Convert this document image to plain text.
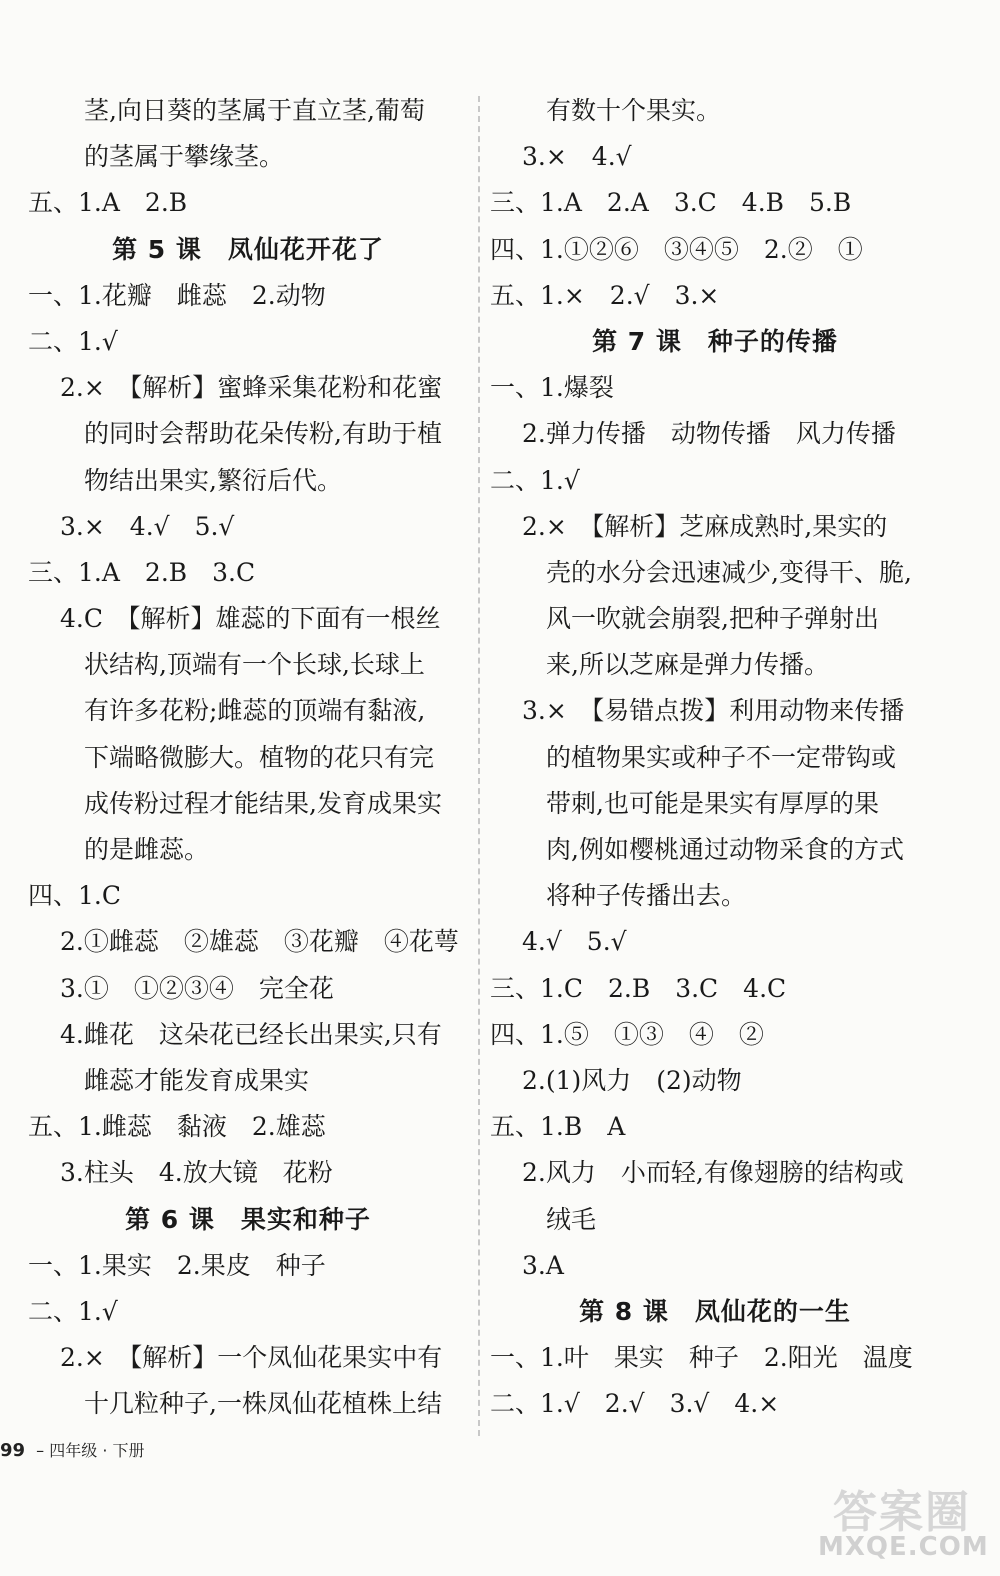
茎,向日葵的茎属于直立茎,葡萄
的茎属于攀缘茎。
五、1.A　2.B
第 5 课　凤仙花开花了
一、1.花瓣　雌蕊　2.动物
二、1.√
2.×　【解析】蜜蜂采集花粉和花蜜
的同时会帮助花朵传粉,有助于植
物结出果实,繁衍后代。
3.×　4.√　5.√
三、1.A　2.B　3.C
4.C　【解析】雄蕊的下面有一根丝
状结构,顶端有一个长球,长球上
有许多花粉;雌蕊的顶端有黏液,
下端略微膨大。植物的花只有完
成传粉过程才能结果,发育成果实
的是雌蕊。
四、1.C
2.①雌蕊　②雄蕊　③花瓣　④花萼
3.①　①②③④　完全花
4.雌花　这朵花已经长出果实,只有
雌蕊才能发育成果实
五、1.雌蕊　黏液　2.雄蕊
3.柱头　4.放大镜　花粉
第 6 课　果实和种子
一、1.果实　2.果皮　种子
二、1.√
2.×　【解析】一个凤仙花果实中有
十几粒种子,一株凤仙花植株上结
有数十个果实。
3.×　4.√
三、1.A　2.A　3.C　4.B　5.B
四、1.①②⑥　③④⑤　2.②　①
五、1.×　2.√　3.×
第 7 课　种子的传播
一、1.爆裂
2.弹力传播　动物传播　风力传播
二、1.√
2.×　【解析】芝麻成熟时,果实的
壳的水分会迅速减少,变得干、脆,
风一吹就会崩裂,把种子弹射出
来,所以芝麻是弹力传播。
3.×　【易错点拨】利用动物来传播
的植物果实或种子不一定带钩或
带刺,也可能是果实有厚厚的果
肉,例如樱桃通过动物采食的方式
将种子传播出去。
4.√　5.√
三、1.C　2.B　3.C　4.C
四、1.⑤　①③　④　②
2.(1)风力　(2)动物
五、1.B　A
2.风力　小而轻,有像翅膀的结构或
绒毛
3.A
第 8 课　凤仙花的一生
一、1.叶　果实　种子　2.阳光　温度
二、1.√　2.√　3.√　4.×
99 – 四年级 · 下册
答案圈
MXQE.COM
